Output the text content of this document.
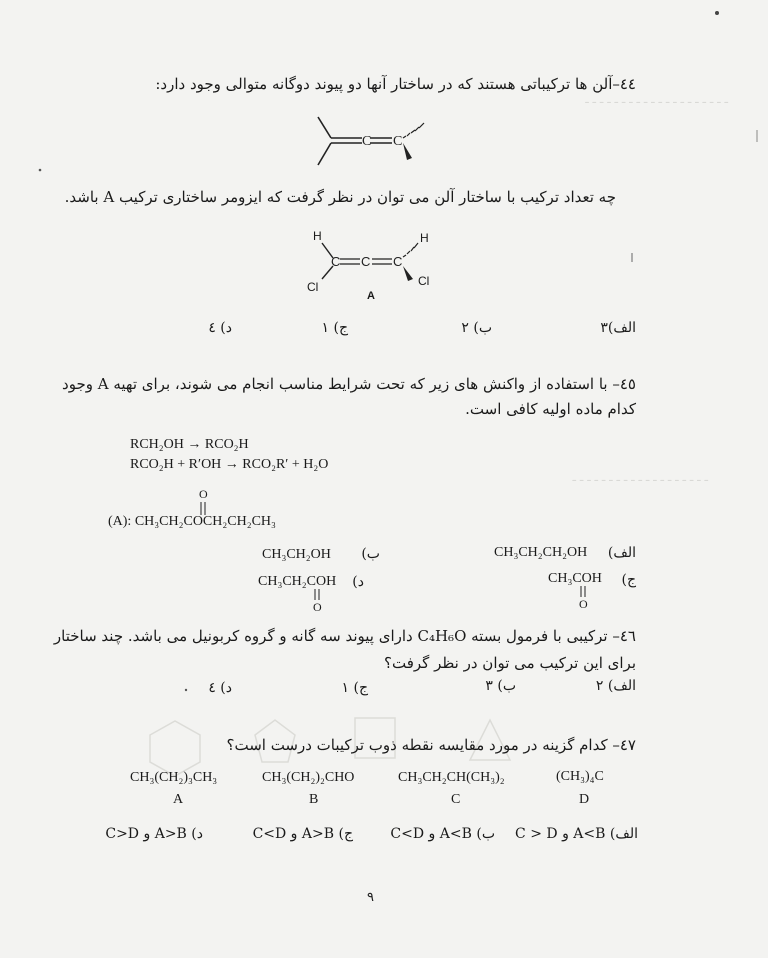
ـ ـ ـ ـ ـ ـ ـ ـ ـ ـ ـ ـ ـ ـ ـ ـ ـ ـ ـ ـ
ـ ـ ـ ـ ـ ـ ـ ـ ـ ـ ـ ـ ـ ـ ـ ـ ـ ـ ـ
٤٤–آلن ها ترکیباتی هستند که در ساختار آنها دو پیوند دوگانه متوالی وجود دارد:
C C
چه تعداد ترکیب با ساختار آلن می توان در نظر گرفت که ایزومر ساختاری ترکیب A باشد.
C C C
H	H
Cl	Cl
A
الف)٣
ب) ٢
ج) ١
د) ٤
٤٥– با استفاده از واکنش های زیر که تحت شرایط مناسب انجام می شوند، برای تهیه A وجود
کدام ماده اولیه کافی است.
RCH₂OH → RCO₂H
RCO₂H + R′OH → RCO₂R′ + H₂O
O
(A): CH₃CH₂COCH₂CH₂CH₃
الف)
CH₃CH₂CH₂OH
ب)
CH₃CH₂OH
ج)
CH₃COH
O
د)
CH₃CH₂COH
O
٤٦– ترکیبی با فرمول بسته C₄H₆O دارای پیوند سه گانه و گروه کربونیل می باشد. چند ساختار
برای این ترکیب می توان در نظر گرفت؟
الف) ٢
ب) ٣
ج) ١
د) ٤
٤٧– کدام گزینه در مورد مقایسه نقطه ذوب ترکیبات درست است؟
CH₃(CH₂)₃CH₃
A
CH₃(CH₂)₂CHO
B
CH₃CH₂CH(CH₃)₂
C
(CH₃)₄C
D
الف) A<B و C > D
ب) A<B و C<D
ج) A>B و C<D
د) A>B و C>D
٩
